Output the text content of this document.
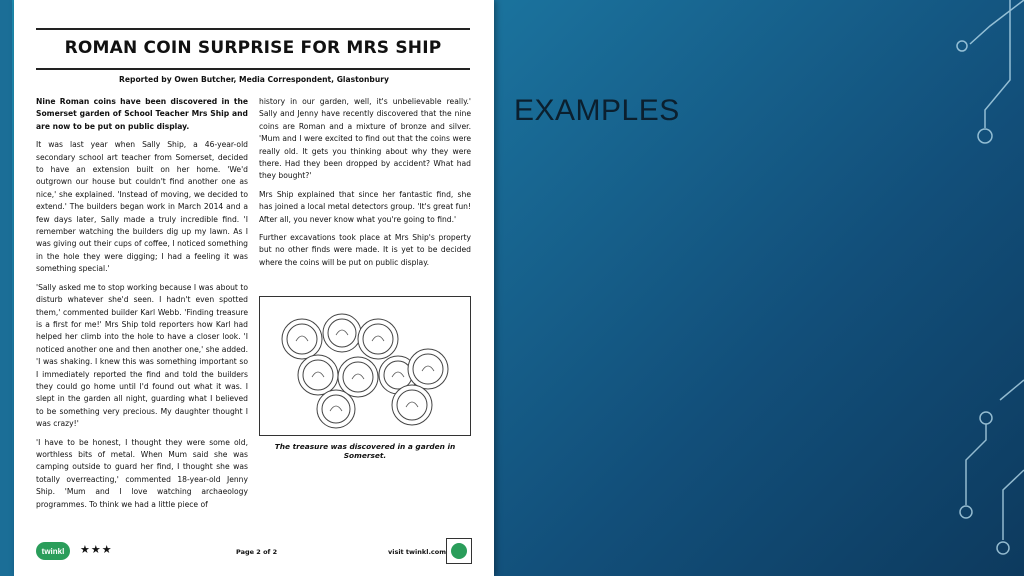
ROMAN COIN SURPRISE FOR MRS SHIP
Reported by Owen Butcher, Media Correspondent, Glastonbury

Nine Roman coins have been discovered in the Somerset garden of School Teacher Mrs Ship and are now to be put on public display.

It was last year when Sally Ship, a 46-year-old secondary school art teacher from Somerset, decided to have an extension built on her home. 'We'd outgrown our house but couldn't find another one as nice,' she explained. 'Instead of moving, we decided to extend.' The builders began work in March 2014 and a few days later, Sally made a truly incredible find. 'I remember watching the builders dig up my lawn. As I was giving out their cups of coffee, I noticed something in the hole they were digging; I had a feeling it was something special.'

'Sally asked me to stop working because I was about to disturb whatever she'd seen. I hadn't even spotted them,' commented builder Karl Webb. 'Finding treasure is a first for me!' Mrs Ship told reporters how Karl had helped her climb into the hole to have a closer look. 'I noticed another one and then another one,' she added. 'I was shaking. I knew this was something important so I immediately reported the find and told the builders they could go home until I'd found out what it was. I slept in the garden all night, guarding what I believed to be something very precious. My daughter thought I was crazy!'

'I have to be honest, I thought they were some old, worthless bits of metal. When Mum said she was camping outside to guard her find, I thought she was totally overreacting,' commented 18-year-old Jenny Ship. 'Mum and I love watching archaeology programmes. To think we had a little piece of

history in our garden, well, it's unbelievable really.' Sally and Jenny have recently discovered that the nine coins are Roman and a mixture of bronze and silver. 'Mum and I were excited to find out that the coins were really old. It gets you thinking about why they were there. Had they been dropped by accident? What had they bought?'

Mrs Ship explained that since her fantastic find, she has joined a local metal detectors group. 'It's great fun! After all, you never know what you're going to find.'

Further excavations took place at Mrs Ship's property but no other finds were made. It is yet to be decided where the coins will be put on public display.

The treasure was discovered in a garden in Somerset.
twinkl	★★★	Page 2 of 2	visit twinkl.com
EXAMPLES
